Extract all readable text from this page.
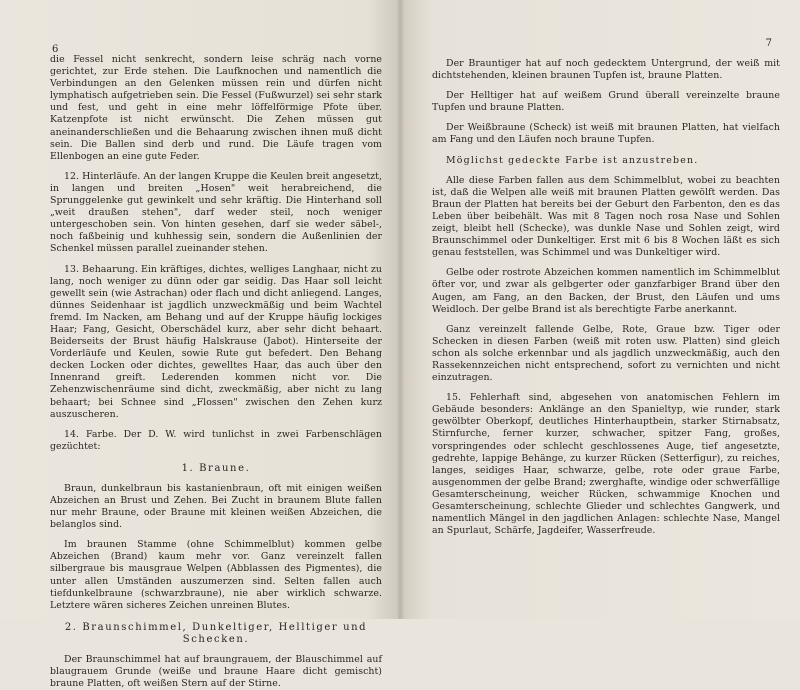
6

die Fessel nicht senkrecht, sondern leise schräg nach vorne gerichtet, zur Erde stehen. Die Laufknochen und namentlich die Verbindungen an den Gelenken müssen rein und dürfen nicht lymphatisch aufgetrieben sein. Die Fessel (Fußwurzel) sei sehr stark und fest, und geht in eine mehr löffelförmige Pfote über. Katzenpfote ist nicht erwünscht. Die Zehen müssen gut aneinanderschließen und die Behaarung zwischen ihnen muß dicht sein. Die Ballen sind derb und rund. Die Läufe tragen vom Ellenbogen an eine gute Feder.

12. Hinterläufe. An der langen Kruppe die Keulen breit angesetzt, in langen und breiten „Hosen" weit herabreichend, die Sprunggelenke gut gewinkelt und sehr kräftig. Die Hinterhand soll „weit draußen stehen", darf weder steil, noch weniger untergeschoben sein. Von hinten gesehen, darf sie weder säbel-, noch faßbeinig und kuhhessig sein, sondern die Außenlinien der Schenkel müssen parallel zueinander stehen.

13. Behaarung. Ein kräftiges, dichtes, welliges Langhaar, nicht zu lang, noch weniger zu dünn oder gar seidig. Das Haar soll leicht gewellt sein (wie Astrachan) oder flach und dicht anliegend. Langes, dünnes Seidenhaar ist jagdlich unzweckmäßig und beim Wachtel fremd. Im Nacken, am Behang und auf der Kruppe häufig lockiges Haar; Fang, Gesicht, Oberschädel kurz, aber sehr dicht behaart. Beiderseits der Brust häufig Halskrause (Jabot). Hinterseite der Vorderläufe und Keulen, sowie Rute gut befedert. Den Behang decken Locken oder dichtes, gewelltes Haar, das auch über den Innenrand greift. Lederenden kommen nicht vor. Die Zehenzwischenräume sind dicht, zweckmäßig, aber nicht zu lang behaart; bei Schnee sind „Flossen" zwischen den Zehen kurz auszuscheren.

14. Farbe. Der D. W. wird tunlichst in zwei Farbenschlägen gezüchtet:

1. Braune.

Braun, dunkelbraun bis kastanienbraun, oft mit einigen weißen Abzeichen an Brust und Zehen. Bei Zucht in braunem Blute fallen nur mehr Braune, oder Braune mit kleinen weißen Abzeichen, die belanglos sind.

Im braunen Stamme (ohne Schimmelblut) kommen gelbe Abzeichen (Brand) kaum mehr vor. Ganz vereinzelt fallen silbergraue bis mausgraue Welpen (Abblassen des Pigmentes), die unter allen Umständen auszumerzen sind. Selten fallen auch tiefdunkelbraune (schwarzbraune), nie aber wirklich schwarze. Letztere wären sicheres Zeichen unreinen Blutes.

2. Braunschimmel, Dunkeltiger, Helltiger und Schecken.

Der Braunschimmel hat auf braungrauem, der Blauschimmel auf blaugrauem Grunde (weiße und braune Haare dicht gemischt) braune Platten, oft weißen Stern auf der Stirne.

7

Der Brauntiger hat auf noch gedecktem Untergrund, der weiß mit dichtstehenden, kleinen braunen Tupfen ist, braune Platten.

Der Helltiger hat auf weißem Grund überall vereinzelte braune Tupfen und braune Platten.

Der Weißbraune (Scheck) ist weiß mit braunen Platten, hat vielfach am Fang und den Läufen noch braune Tupfen.

Möglichst gedeckte Farbe ist anzustreben.

Alle diese Farben fallen aus dem Schimmelblut, wobei zu beachten ist, daß die Welpen alle weiß mit braunen Platten gewölft werden. Das Braun der Platten hat bereits bei der Geburt den Farbenton, den es das Leben über beibehält. Was mit 8 Tagen noch rosa Nase und Sohlen zeigt, bleibt hell (Schecke), was dunkle Nase und Sohlen zeigt, wird Braunschimmel oder Dunkeltiger. Erst mit 6 bis 8 Wochen läßt es sich genau feststellen, was Schimmel und was Dunkeltiger wird.

Gelbe oder rostrote Abzeichen kommen namentlich im Schimmelblut öfter vor, und zwar als gelbgerter oder ganzfarbiger Brand über den Augen, am Fang, an den Backen, der Brust, den Läufen und ums Weidloch. Der gelbe Brand ist als berechtigte Farbe anerkannt.

Ganz vereinzelt fallende Gelbe, Rote, Graue bzw. Tiger oder Schecken in diesen Farben (weiß mit roten usw. Platten) sind gleich schon als solche erkennbar und als jagdlich unzweckmäßig, auch den Rassekennzeichen nicht entsprechend, sofort zu vernichten und nicht einzutragen.

15. Fehlerhaft sind, abgesehen von anatomischen Fehlern im Gebäude besonders: Anklänge an den Spanieltyp, wie runder, stark gewölbter Oberkopf, deutliches Hinterhauptbein, starker Stirnabsatz, Stirnfurche, ferner kurzer, schwacher, spitzer Fang, großes, vorspringendes oder schlecht geschlossenes Auge, tief angesetzte, gedrehte, lappige Behänge, zu kurzer Rücken (Setterfigur), zu reiches, langes, seidiges Haar, schwarze, gelbe, rote oder graue Farbe, ausgenommen der gelbe Brand; zwerghafte, windige oder schwerfällige Gesamterscheinung, weicher Rücken, schwammige Knochen und Gesamterscheinung, schlechte Glieder und schlechtes Gangwerk, und namentlich Mängel in den jagdlichen Anlagen: schlechte Nase, Mangel an Spurlaut, Schärfe, Jagdeifer, Wasserfreude.
